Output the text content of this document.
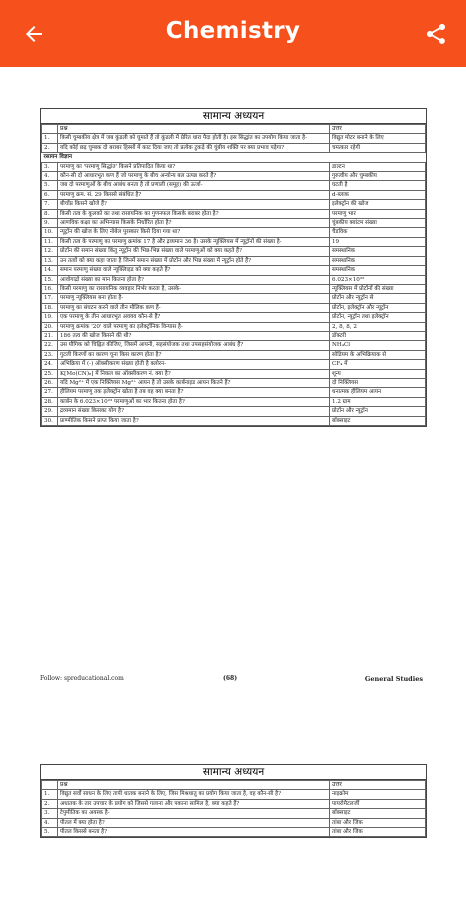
Chemistry
सामान्य अध्ययन
	प्रश्न	उत्तर
1.	किसी चुम्बकीय क्षेत्र में जब कुंडली को घुमाते हैं तो कुंडली में प्रेरित धारा पैदा होती है। इस सिद्धांत का उपयोग किया जाता है-	विद्युत मोटर बनाने के लिए
2.	यदि कोई छड़ चुम्बक दो बराबर हिस्सों में काट दिया जाए तो प्रत्येक टुकड़े की चुंबीय शक्ति पर क्या प्रभाव पड़ेगा?	चमत्कार रहेगी
रसायन विज्ञान		
3.	परमाणु का 'परमाणु सिद्धांत' किसने प्रतिपादित किया था?	डाल्टन
4.	कौन-सी दो आधारभूत कण हैं जो परमाणु के बीच अन्योन्य बल उत्पन्न करते हैं?	गुरुत्वीय और चुम्बकीय
5.	जब दो परमाणुओं के बीच आबंध बनता है तो प्रणाली (समूह) की ऊर्जा-	घटती है
6.	परमाणु क्रम. सं. 29 किससे संबंधित है?	d-ब्लाक
7.	बीचोंप्र किसने खोजे हैं?	इलेक्ट्रॉन की खोज
8.	किसी तत्व के कुलको का तथा रासायनिक का गुणनफल किसके बराबर होता है?	परमाणु भार
9.	आणविक कक्षा का अभिन्यास किसके निर्धारित होता है?	चुंबकीय क्वांटम संख्या
10.	न्यूट्रॉन की खोज के लिए नोबेल पुरस्कार किसे दिया गया था?	चैडविक
11.	किसी तत्व के परमाणु का परमाणु क्रमांक 17 है और द्रव्यमान 36 है। उसके न्यूक्लियस में न्यूट्रॉनों की संख्या है-	19
12.	प्रोटॉन की समान संख्या किंतु न्यूट्रॉन की भिन्न-भिन्न संख्या वाले परमाणुओं को क्या कहते हैं?	समस्थानिक
13.	उन तत्वों को क्या कहा जाता है जिनमें समान संख्या में प्रोटॉन और भिन्न संख्या में न्यूट्रॉन होते हैं?	समस्थानिक
14.	समान परमाणु संख्या वाले न्यूक्लिाइड को क्या कहते हैं?	समस्थानिक
15.	आवोगाद्रो संख्या का मान कितना होता है?	6.023×10²³
16.	किसी परमाणु का रासायनिक व्यवहार निर्भर करता है, उसके-	न्यूक्लियस में प्रोटॉनों की संख्या
17.	परमाणु न्यूक्लियस बना होता है-	प्रोटॉन और न्यूट्रॉन से
18.	परमाणु का संघटन करने वाले तीन मौलिक कण हैं-	प्रोटॉन, इलेक्ट्रॉन और न्यूट्रॉन
19.	एक परमाणु के तीन आधारभूत अवयव कौन-से हैं?	प्रोटॉन, न्यूट्रॉन तथा इलेक्ट्रॉन
20.	परमाणु क्रमांक '20' वाले परमाणु का इलेक्ट्रॉनिक विन्यास है-	2, 8, 8, 2
21.	186 तत्व की खोज किसने की थी?	डॉक्टरी
22.	उस यौगिक को चिह्नित कीजिए, जिसमें आयनी, सहसंयोजक तथा उपसहसंयोजक आबंध हैं?	NH₄Cl
23.	गुटली किरणों का कारण चूना किस कारण होता है?	सोडियम के अभिक्रियाक से
24.	अभिक्रिया में (-) ऑक्सीकरण संख्या होती है क्लोरन-	CF₄ में
25.	K[Mo(CN)₈] में निकल का ऑक्सीकरण नं. क्या है?	शून्य
26.	यदि Mg²⁺ में एक निक्लियस Mg²⁺ आयन है तो उसके कार्बनाइड आयन कितने हैं?	दो निक्लियस
27.	हीलियम परमाणु तक इलेक्ट्रॉन खोता है तब वह क्या बनता है?	धनात्मक हीलियम आयन
28.	कार्बन के 6.023×10²³ परमाणुओं का भार कितना होता है?	1.2 ग्राम
29.	द्रव्यमान संख्या किसका योग है?	प्रोटॉन और न्यूट्रॉन
30.	प्राण्मीतिक किसने प्राप्त किया जाता है?	बॉक्साइट
Follow: spreducational.com	(68)	General Studies
सामान्य अध्ययन
	प्रश्न	उत्तर
1.	विद्युत सर्वो साधन के लिए तापी धातक बनाने के लिए, जिस मिश्रधातु का प्रयोग किया जाता है, वह कौन-सी है?	नाइक्रोम
2.	अधातक के तार उपचार के प्रयोग को जिससे गलाना और पकाना सामिल है, क्या कहते हैं?	पायरोमैटलर्जी
3.	टेपुमीतिक का अयस्क है-	बॉक्साइट
4.	पीतल में क्या होता है?	तांबा और जिंक
5.	पीतल किससे बनता है?	तांबा और जिंक
